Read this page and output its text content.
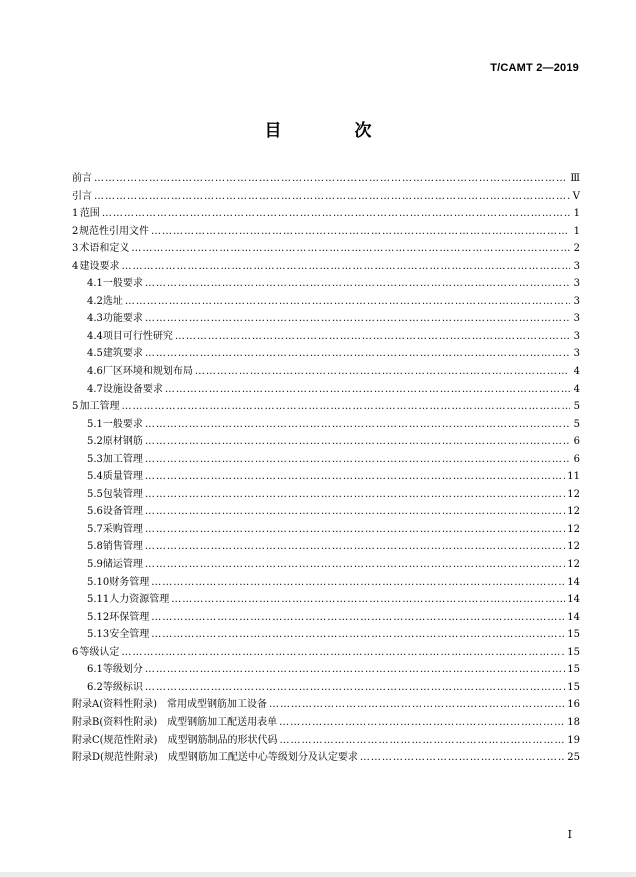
T/CAMT 2—2019
目　次
前言 ……………………………………………………………………………………………………………………………………………………………………………………………………………………………………………………………………	Ⅲ
引言 ……………………………………………………………………………………………………………………………………………………………………………………………………………………………………………………………………	Ⅴ
1 范围 ……………………………………………………………………………………………………………………………………………………………………………………………………………………………………………………………………	1
2 规范性引用文件 ……………………………………………………………………………………………………………………………………………………………………………………………………………………………………………………………………	1
3 术语和定义 ……………………………………………………………………………………………………………………………………………………………………………………………………………………………………………………………………	2
4 建设要求 ……………………………………………………………………………………………………………………………………………………………………………………………………………………………………………………………………	3
4.1 一般要求 ……………………………………………………………………………………………………………………………………………………………………………………………………………………………………………………………………	3
4.2 选址 ……………………………………………………………………………………………………………………………………………………………………………………………………………………………………………………………………	3
4.3 功能要求 ……………………………………………………………………………………………………………………………………………………………………………………………………………………………………………………………………	3
4.4 项目可行性研究 ……………………………………………………………………………………………………………………………………………………………………………………………………………………………………………………………………	3
4.5 建筑要求 ……………………………………………………………………………………………………………………………………………………………………………………………………………………………………………………………………	3
4.6 厂区环境和规划布局 ……………………………………………………………………………………………………………………………………………………………………………………………………………………………………………………………………	4
4.7 设施设备要求 ……………………………………………………………………………………………………………………………………………………………………………………………………………………………………………………………………	4
5 加工管理 ……………………………………………………………………………………………………………………………………………………………………………………………………………………………………………………………………	5
5.1 一般要求 ……………………………………………………………………………………………………………………………………………………………………………………………………………………………………………………………………	5
5.2 原材钢筋 ……………………………………………………………………………………………………………………………………………………………………………………………………………………………………………………………………	6
5.3 加工管理 ……………………………………………………………………………………………………………………………………………………………………………………………………………………………………………………………………	6
5.4 质量管理 ……………………………………………………………………………………………………………………………………………………………………………………………………………………………………………………………………	11
5.5 包装管理 ……………………………………………………………………………………………………………………………………………………………………………………………………………………………………………………………………	12
5.6 设备管理 ……………………………………………………………………………………………………………………………………………………………………………………………………………………………………………………………………	12
5.7 采购管理 ……………………………………………………………………………………………………………………………………………………………………………………………………………………………………………………………………	12
5.8 销售管理 ……………………………………………………………………………………………………………………………………………………………………………………………………………………………………………………………………	12
5.9 储运管理 ……………………………………………………………………………………………………………………………………………………………………………………………………………………………………………………………………	12
5.10 财务管理 ……………………………………………………………………………………………………………………………………………………………………………………………………………………………………………………………………	14
5.11 人力资源管理 ……………………………………………………………………………………………………………………………………………………………………………………………………………………………………………………………………	14
5.12 环保管理 ……………………………………………………………………………………………………………………………………………………………………………………………………………………………………………………………………	14
5.13 安全管理 ……………………………………………………………………………………………………………………………………………………………………………………………………………………………………………………………………	15
6 等级认定 ……………………………………………………………………………………………………………………………………………………………………………………………………………………………………………………………………	15
6.1 等级划分 ……………………………………………………………………………………………………………………………………………………………………………………………………………………………………………………………………	15
6.2 等级标识 ……………………………………………………………………………………………………………………………………………………………………………………………………………………………………………………………………	15
附录A(资料性附录) 常用成型钢筋加工设备 ……………………………………………………………………………………………………………………………………………………………………………………………………………………………………………………………………	16
附录B(资料性附录) 成型钢筋加工配送用表单 ……………………………………………………………………………………………………………………………………………………………………………………………………………………………………………………………………	18
附录C(规范性附录) 成型钢筋制品的形状代码 ……………………………………………………………………………………………………………………………………………………………………………………………………………………………………………………………………	19
附录D(规范性附录) 成型钢筋加工配送中心等级划分及认定要求 ……………………………………………………………………………………………………………………………………………………………………………………………………………………………………………………………………	25
Ⅰ
